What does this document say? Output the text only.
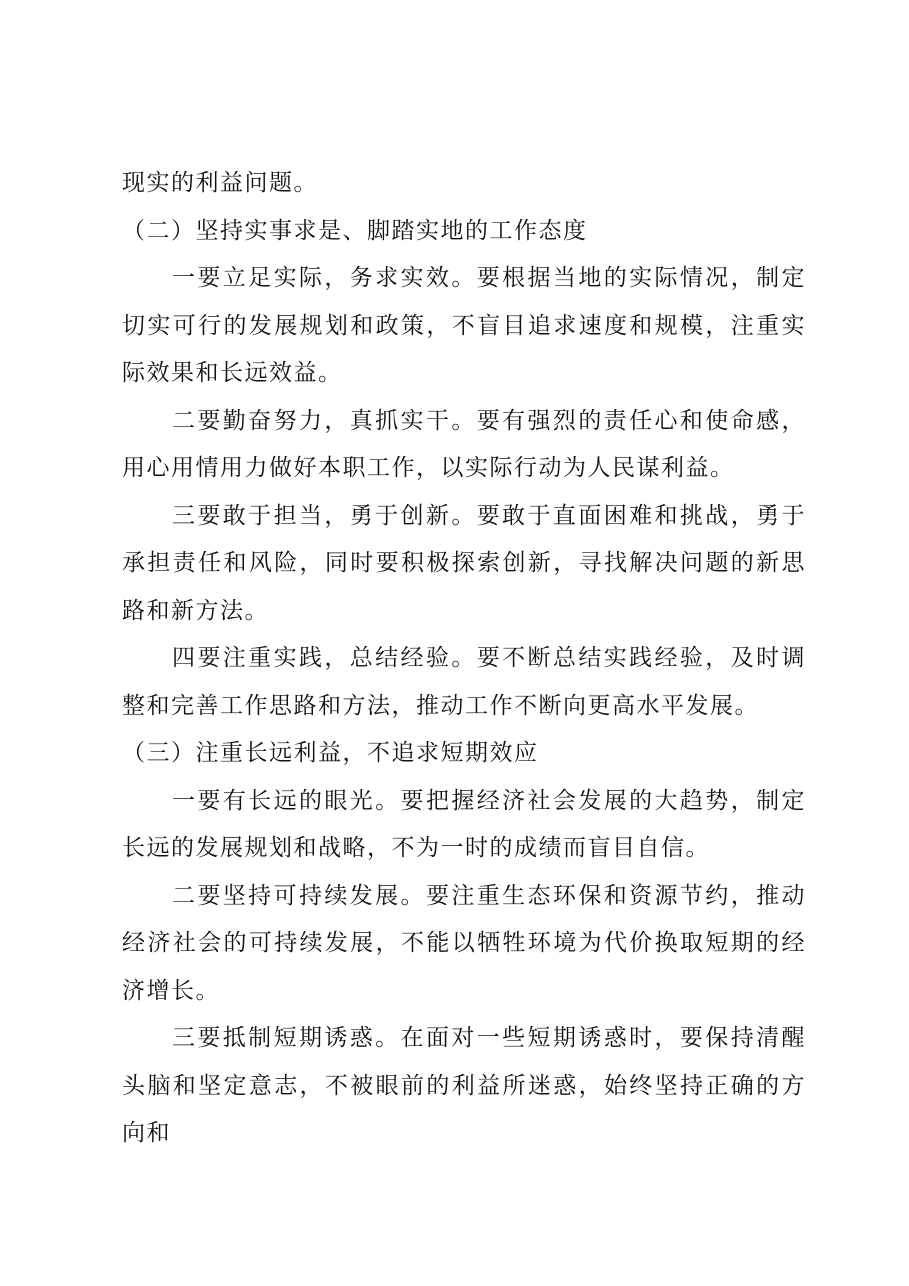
现实的利益问题。

（二）坚持实事求是、脚踏实地的工作态度

一要立足实际，务求实效。要根据当地的实际情况，制定切实可行的发展规划和政策，不盲目追求速度和规模，注重实际效果和长远效益。

二要勤奋努力，真抓实干。要有强烈的责任心和使命感，用心用情用力做好本职工作，以实际行动为人民谋利益。

三要敢于担当，勇于创新。要敢于直面困难和挑战，勇于承担责任和风险，同时要积极探索创新，寻找解决问题的新思路和新方法。

四要注重实践，总结经验。要不断总结实践经验，及时调整和完善工作思路和方法，推动工作不断向更高水平发展。

（三）注重长远利益，不追求短期效应

一要有长远的眼光。要把握经济社会发展的大趋势，制定长远的发展规划和战略，不为一时的成绩而盲目自信。

二要坚持可持续发展。要注重生态环保和资源节约，推动经济社会的可持续发展，不能以牺牲环境为代价换取短期的经济增长。

三要抵制短期诱惑。在面对一些短期诱惑时，要保持清醒头脑和坚定意志，不被眼前的利益所迷惑，始终坚持正确的方向和
